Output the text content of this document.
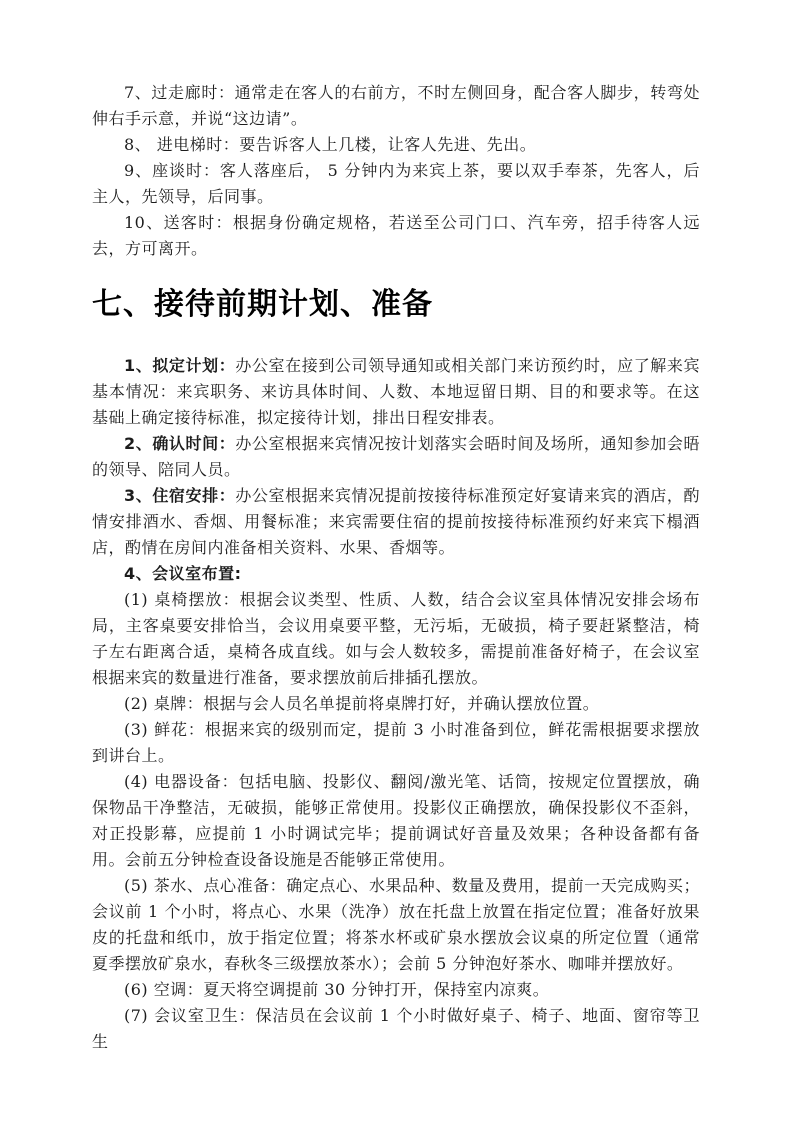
7、过走廊时：通常走在客人的右前方，不时左侧回身，配合客人脚步，转弯处伸右手示意，并说“这边请”。

8、 进电梯时：要告诉客人上几楼，让客人先进、先出。

9、座谈时：客人落座后， 5 分钟内为来宾上茶，要以双手奉茶，先客人，后主人，先领导，后同事。

10、送客时：根据身份确定规格，若送至公司门口、汽车旁，招手待客人远去，方可离开。

七、接待前期计划、准备

1、拟定计划：办公室在接到公司领导通知或相关部门来访预约时，应了解来宾基本情况：来宾职务、来访具体时间、人数、本地逗留日期、目的和要求等。在这基础上确定接待标准，拟定接待计划，排出日程安排表。

2、确认时间：办公室根据来宾情况按计划落实会晤时间及场所，通知参加会晤的领导、陪同人员。

3、住宿安排：办公室根据来宾情况提前按接待标准预定好宴请来宾的酒店，酌情安排酒水、香烟、用餐标准；来宾需要住宿的提前按接待标准预约好来宾下榻酒店，酌情在房间内准备相关资料、水果、香烟等。

4、会议室布置:

(1) 桌椅摆放：根据会议类型、性质、人数，结合会议室具体情况安排会场布局，主客桌要安排恰当，会议用桌要平整，无污垢，无破损，椅子要赶紧整洁，椅子左右距离合适，桌椅各成直线。如与会人数较多，需提前准备好椅子，在会议室根据来宾的数量进行准备，要求摆放前后排插孔摆放。

(2) 桌牌：根据与会人员名单提前将桌牌打好，并确认摆放位置。

(3) 鲜花：根据来宾的级别而定，提前 3 小时准备到位，鲜花需根据要求摆放到讲台上。

(4) 电器设备：包括电脑、投影仪、翻阅/激光笔、话筒，按规定位置摆放，确保物品干净整洁，无破损，能够正常使用。投影仪正确摆放，确保投影仪不歪斜，对正投影幕，应提前 1 小时调试完毕；提前调试好音量及效果；各种设备都有备用。会前五分钟检查设备设施是否能够正常使用。

(5) 茶水、点心准备：确定点心、水果品种、数量及费用，提前一天完成购买；会议前 1 个小时，将点心、水果（洗净）放在托盘上放置在指定位置；准备好放果皮的托盘和纸巾，放于指定位置；将茶水杯或矿泉水摆放会议桌的所定位置（通常夏季摆放矿泉水，春秋冬三级摆放茶水）；会前 5 分钟泡好茶水、咖啡并摆放好。

(6) 空调：夏天将空调提前 30 分钟打开，保持室内凉爽。

(7) 会议室卫生：保洁员在会议前 1 个小时做好桌子、椅子、地面、窗帘等卫生
